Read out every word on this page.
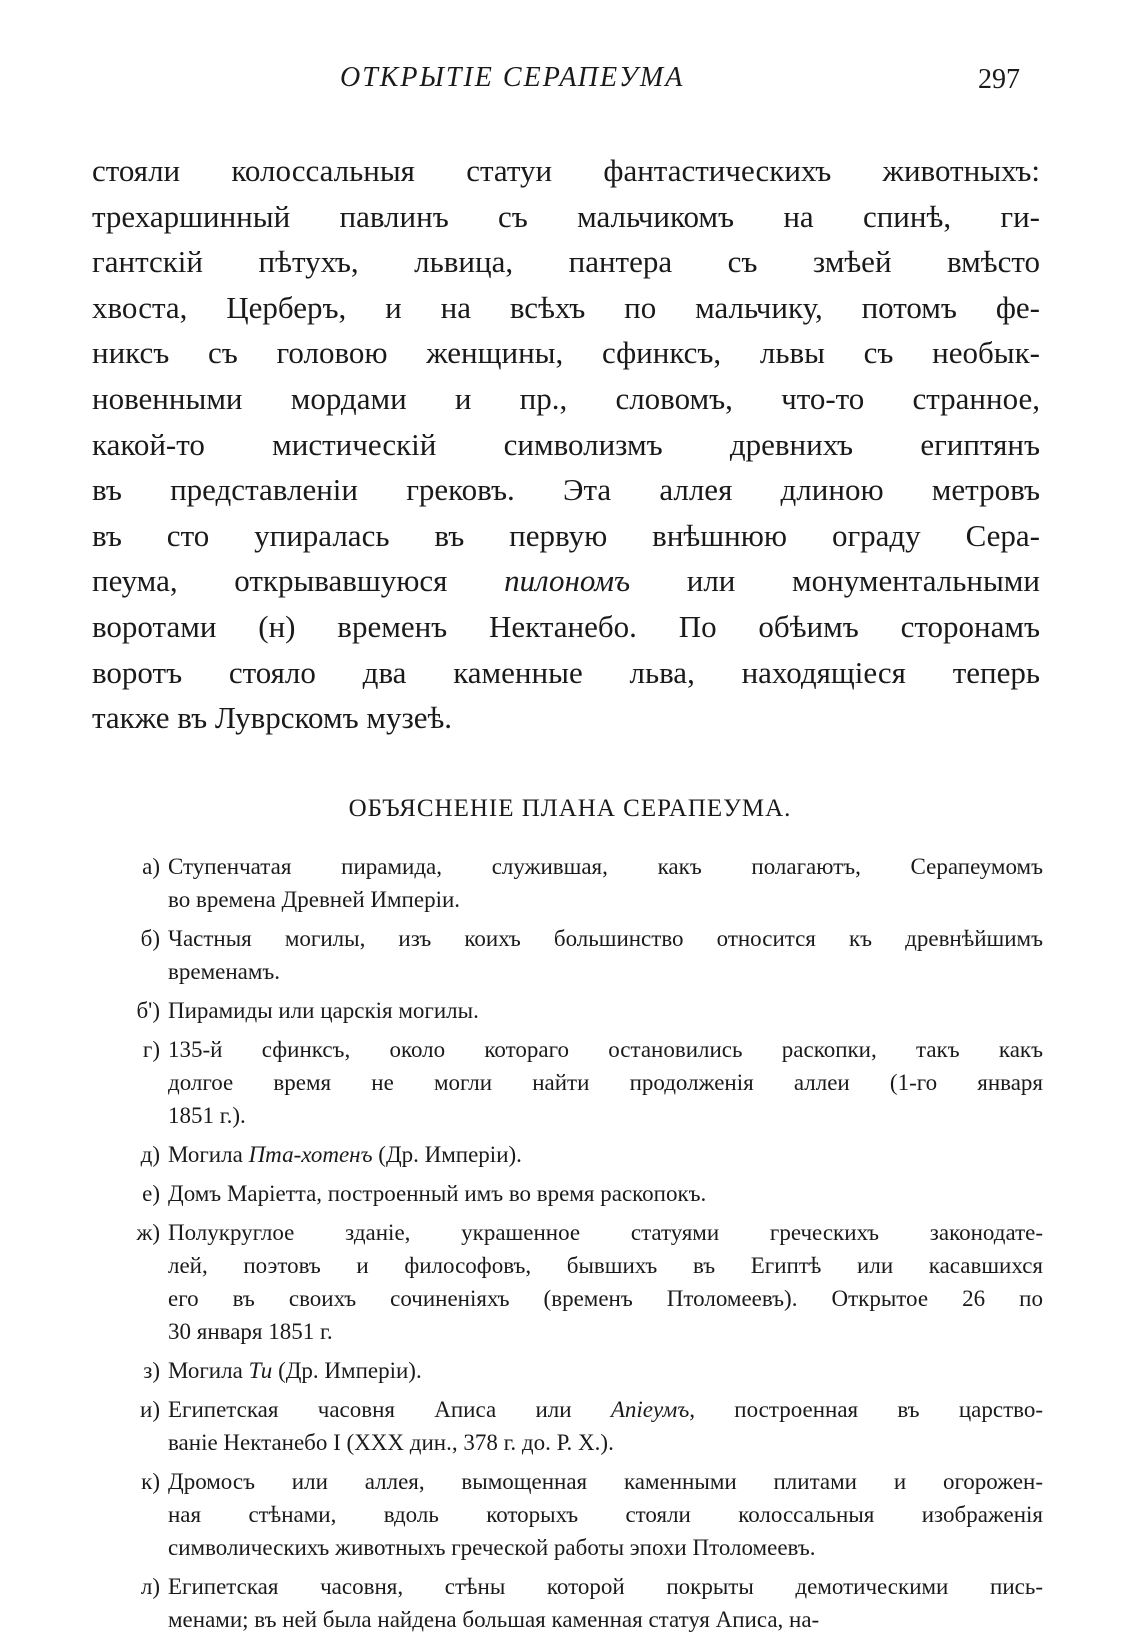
ОТКРЫТІЕ СЕРАПЕУМА	297
стояли колоссальныя статуи фантастическихъ животныхъ:
трехаршинный павлинъ съ мальчикомъ на спинѣ, ги-
гантскій пѣтухъ, львица, пантера съ змѣей вмѣсто
хвоста, Церберъ, и на всѣхъ по мальчику, потомъ фе-
никсъ съ головою женщины, сфинксъ, львы съ необык-
новенными мордами и пр., словомъ, что-то странное,
какой-то мистическій символизмъ древнихъ египтянъ
въ представленіи грековъ. Эта аллея длиною метровъ
въ сто упиралась въ первую внѣшнюю ограду Сера-
пеума, открывавшуюся пилономъ или монументальными
воротами (н) временъ Нектанебо. По обѣимъ сторонамъ
воротъ стояло два каменные льва, находящіеся теперь
также въ Луврскомъ музеѣ.
ОБЪЯСНЕНІЕ ПЛАНА СЕРАПЕУМА.
а) Ступенчатая пирамида, служившая, какъ полагаютъ, Серапеумомъ
во времена Древней Имперіи.
б) Частныя могилы, изъ коихъ большинство относится къ древнѣйшимъ
временамъ.
б') Пирамиды или царскія могилы.
г) 135-й сфинксъ, около котораго остановились раскопки, такъ какъ
долгое время не могли найти продолженія аллеи (1-го января
1851 г.).
д) Могила Пта-хотенъ (Др. Имперіи).
е) Домъ Маріетта, построенный имъ во время раскопокъ.
ж) Полукруглое зданіе, украшенное статуями греческихъ законодате-
лей, поэтовъ и философовъ, бывшихъ въ Египтѣ или касавшихся
его въ своихъ сочиненіяхъ (временъ Птоломеевъ). Открытое 26 по
30 января 1851 г.
з) Могила Ти (Др. Имперіи).
и) Египетская часовня Аписа или Апіеумъ, построенная въ царство-
ваніе Нектанебо I (XXX дин., 378 г. до. Р. Х.).
к) Дромосъ или аллея, вымощенная каменными плитами и огорожен-
ная стѣнами, вдоль которыхъ стояли колоссальныя изображенія
символическихъ животныхъ греческой работы эпохи Птоломеевъ.
л) Египетская часовня, стѣны которой покрыты демотическими пись-
менами; въ ней была найдена большая каменная статуя Аписа, на-
